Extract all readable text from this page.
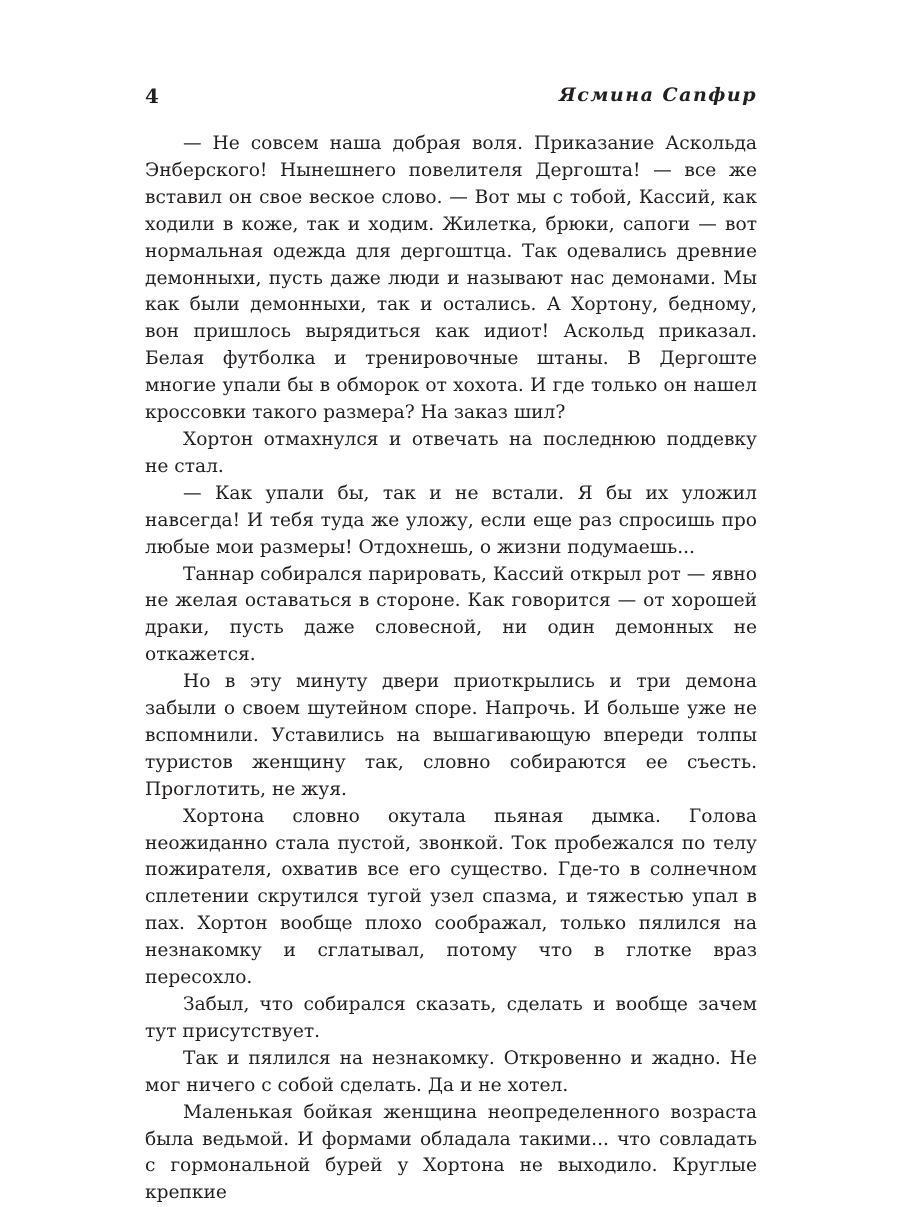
4	Ясмина Сапфир

— Не совсем наша добрая воля. Приказание Аскольда Энберского! Нынешнего повелителя Дергошта! — все же вставил он свое веское слово. — Вот мы с тобой, Кассий, как ходили в коже, так и ходим. Жилетка, брюки, сапоги — вот нормальная одежда для дергоштца. Так одевались древние демонныхи, пусть даже люди и называют нас демонами. Мы как были демонныхи, так и остались. А Хортону, бедному, вон пришлось вырядиться как идиот! Аскольд приказал. Белая футболка и тренировочные штаны. В Дергоште многие упали бы в обморок от хохота. И где только он нашел кроссовки такого размера? На заказ шил?

Хортон отмахнулся и отвечать на последнюю поддевку не стал.

— Как упали бы, так и не встали. Я бы их уложил навсегда! И тебя туда же уложу, если еще раз спросишь про любые мои размеры! Отдохнешь, о жизни подумаешь...

Таннар собирался парировать, Кассий открыл рот — явно не желая оставаться в стороне. Как говорится — от хорошей драки, пусть даже словесной, ни один демонных не откажется.

Но в эту минуту двери приоткрылись и три демона забыли о своем шутейном споре. Напрочь. И больше уже не вспомнили. Уставились на вышагивающую впереди толпы туристов женщину так, словно собираются ее съесть. Проглотить, не жуя.

Хортона словно окутала пьяная дымка. Голова неожиданно стала пустой, звонкой. Ток пробежался по телу пожирателя, охватив все его существо. Где-то в солнечном сплетении скрутился тугой узел спазма, и тяжестью упал в пах. Хортон вообще плохо соображал, только пялился на незнакомку и сглатывал, потому что в глотке враз пересохло.

Забыл, что собирался сказать, сделать и вообще зачем тут присутствует.

Так и пялился на незнакомку. Откровенно и жадно. Не мог ничего с собой сделать. Да и не хотел.

Маленькая бойкая женщина неопределенного возраста была ведьмой. И формами обладала такими... что совладать с гормональной бурей у Хортона не выходило. Круглые крепкие
